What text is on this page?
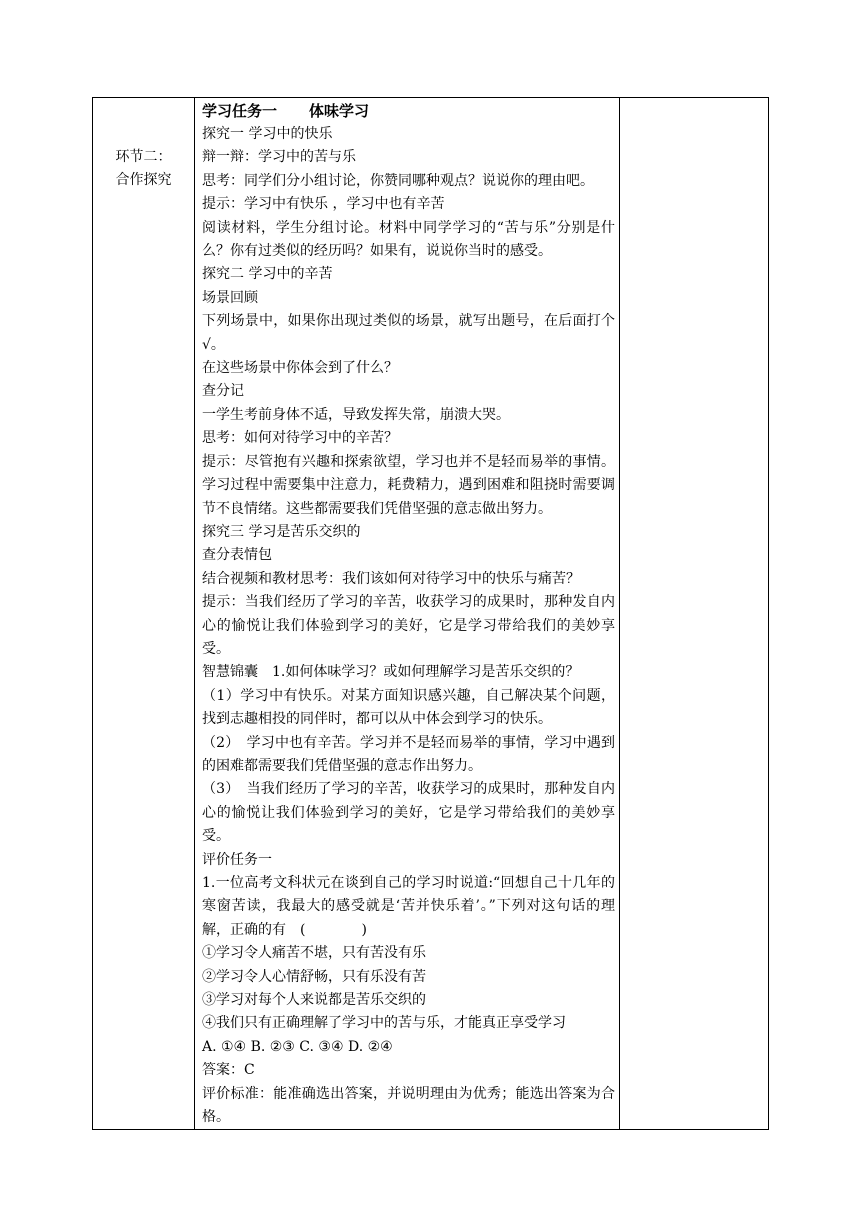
环节二：
合作探究

学习任务一 体味学习

探究一 学习中的快乐

辩一辩：学习中的苦与乐

思考：同学们分小组讨论，你赞同哪种观点？说说你的理由吧。

提示：学习中有快乐 ，学习中也有辛苦

阅读材料，学生分组讨论。材料中同学学习的“苦与乐”分别是什么？你有过类似的经历吗？如果有，说说你当时的感受。

探究二 学习中的辛苦

场景回顾

下列场景中，如果你出现过类似的场景，就写出题号，在后面打个√。

在这些场景中你体会到了什么？

查分记

一学生考前身体不适，导致发挥失常，崩溃大哭。

思考：如何对待学习中的辛苦？

提示：尽管抱有兴趣和探索欲望，学习也并不是轻而易举的事情。学习过程中需要集中注意力，耗费精力，遇到困难和阻挠时需要调节不良情绪。这些都需要我们凭借坚强的意志做出努力。

探究三 学习是苦乐交织的

查分表情包

结合视频和教材思考：我们该如何对待学习中的快乐与痛苦？

提示：当我们经历了学习的辛苦，收获学习的成果时，那种发自内心的愉悦让我们体验到学习的美好，它是学习带给我们的美妙享受。

智慧锦囊　1.如何体味学习？或如何理解学习是苦乐交织的？

（1）学习中有快乐。对某方面知识感兴趣，自己解决某个问题，找到志趣相投的同伴时，都可以从中体会到学习的快乐。

（2）　学习中也有辛苦。学习并不是轻而易举的事情，学习中遇到的困难都需要我们凭借坚强的意志作出努力。

（3）　当我们经历了学习的辛苦，收获学习的成果时，那种发自内心的愉悦让我们体验到学习的美好，它是学习带给我们的美妙享受。

评价任务一

1.一位高考文科状元在谈到自己的学习时说道:“回想自己十几年的寒窗苦读，我最大的感受就是‘苦并快乐着’。”下列对这句话的理解，正确的有　(　　　　)

①学习令人痛苦不堪，只有苦没有乐

②学习令人心情舒畅，只有乐没有苦

③学习对每个人来说都是苦乐交织的

④我们只有正确理解了学习中的苦与乐，才能真正享受学习

A. ①④ B. ②③ C. ③④ D. ②④

答案：C

评价标准：能准确选出答案，并说明理由为优秀；能选出答案为合格。
